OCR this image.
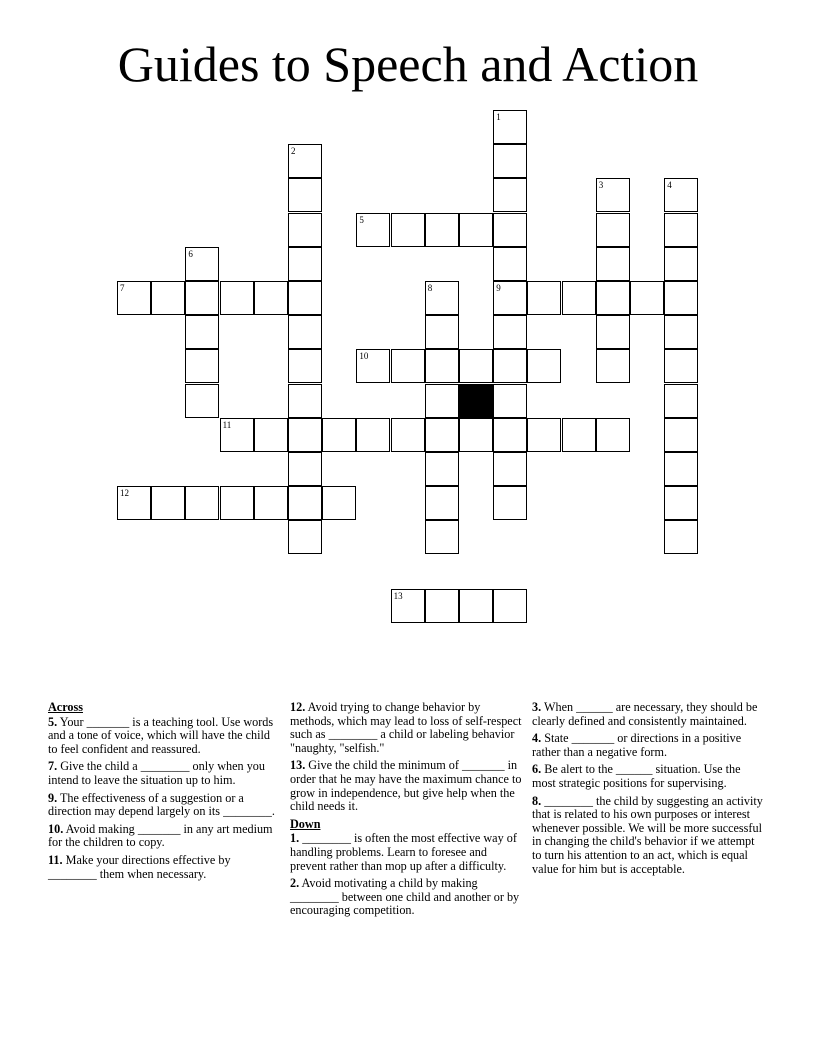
Guides to Speech and Action
1
9
2
3	4
5
6
7	8
10
11
12
13

Across

5. Your _______ is a teaching tool. Use words and a tone of voice, which will have the child to feel confident and reassured.

7. Give the child a ________ only when you intend to leave the situation up to him.

9. The effectiveness of a suggestion or a direction may depend largely on its ________.

10. Avoid making _______ in any art medium for the children to copy.

11. Make your directions effective by ________ them when necessary.

12. Avoid trying to change behavior by methods, which may lead to loss of self-respect such as ________ a child or labeling behavior "naughty, "selfish."

13. Give the child the minimum of _______ in order that he may have the maximum chance to grow in independence, but give help when the child needs it.

Down

1. ________ is often the most effective way of handling problems. Learn to foresee and prevent rather than mop up after a difficulty.

2. Avoid motivating a child by making ________ between one child and another or by encouraging competition.

3. When ______ are necessary, they should be clearly defined and consistently maintained.

4. State _______ or directions in a positive rather than a negative form.

6. Be alert to the ______ situation. Use the most strategic positions for supervising.

8. ________ the child by suggesting an activity that is related to his own purposes or interest whenever possible. We will be more successful in changing the child's behavior if we attempt to turn his attention to an act, which is equal value for him but is acceptable.
